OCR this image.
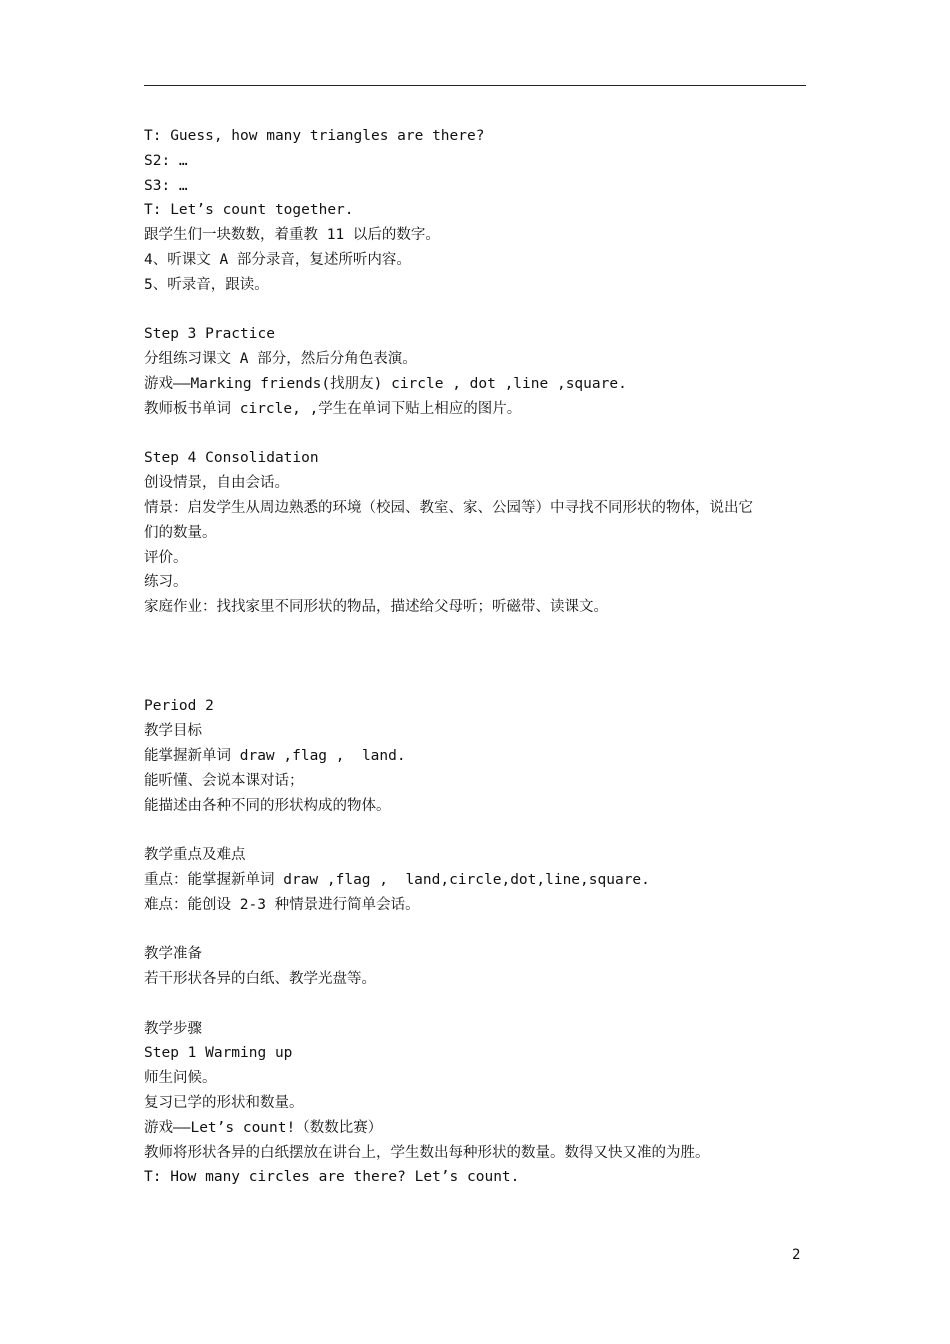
T: Guess, how many triangles are there?
S2: …
S3: …
T: Let’s count together.
跟学生们一块数数，着重教 11 以后的数字。
4、听课文 A 部分录音，复述所听内容。
5、听录音，跟读。
Step 3 Practice
分组练习课文 A 部分，然后分角色表演。
游戏——Marking friends(找朋友) circle , dot ,line ,square.
教师板书单词 circle, ,学生在单词下贴上相应的图片。
Step 4 Consolidation
创设情景，自由会话。
情景：启发学生从周边熟悉的环境（校园、教室、家、公园等）中寻找不同形状的物体，说出它
们的数量。
评价。
练习。
家庭作业：找找家里不同形状的物品，描述给父母听；听磁带、读课文。
Period 2
教学目标
能掌握新单词 draw ,flag ,  land.
能听懂、会说本课对话；
能描述由各种不同的形状构成的物体。
教学重点及难点
重点：能掌握新单词 draw ,flag ,  land,circle,dot,line,square.
难点：能创设 2-3 种情景进行简单会话。
教学准备
若干形状各异的白纸、教学光盘等。
教学步骤
Step 1 Warming up
师生问候。
复习已学的形状和数量。
游戏——Let’s count!（数数比赛）
教师将形状各异的白纸摆放在讲台上，学生数出每种形状的数量。数得又快又准的为胜。
T: How many circles are there? Let’s count.
2
